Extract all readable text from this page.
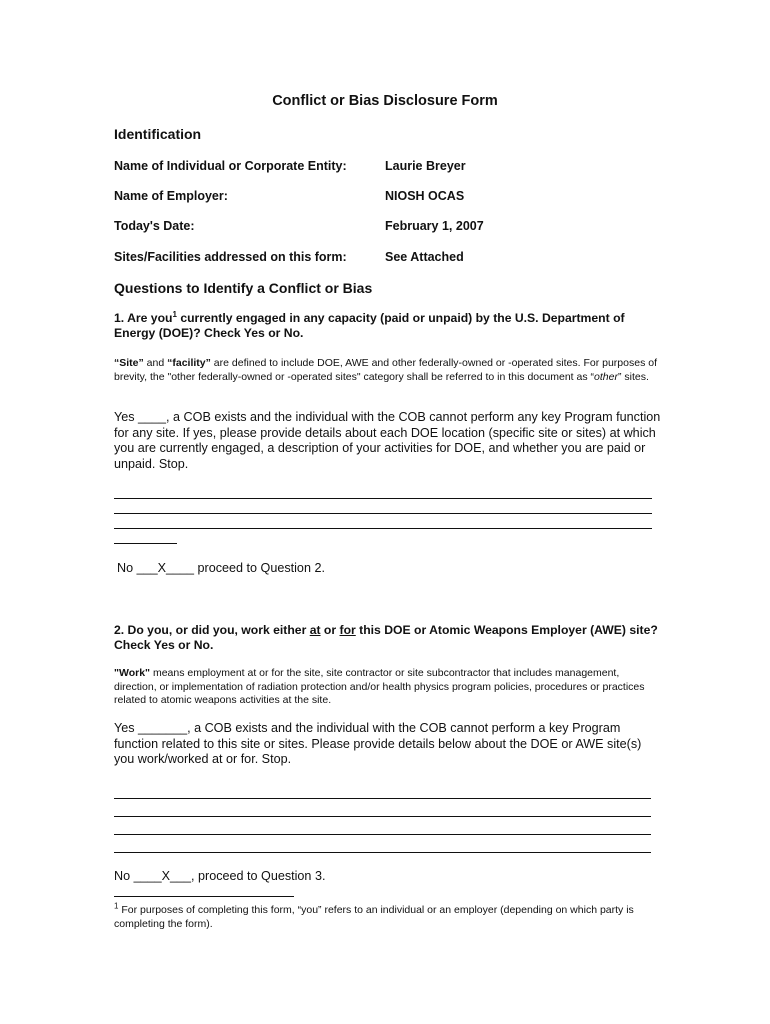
Conflict or Bias Disclosure Form
Identification
Name of Individual or Corporate Entity:	Laurie Breyer
Name of Employer:	NIOSH OCAS
Today's Date:	February 1, 2007
Sites/Facilities addressed on this form:	See Attached
Questions to Identify a Conflict or Bias
1. Are you$^1$ currently engaged in any capacity (paid or unpaid) by the U.S. Department of Energy (DOE)? Check Yes or No.
“Site” and “facility” are defined to include DOE, AWE and other federally-owned or -operated sites. For purposes of brevity, the "other federally-owned or -operated sites" category shall be referred to in this document as “other” sites.
Yes ____, a COB exists and the individual with the COB cannot perform any key Program function for any site. If yes, please provide details about each DOE location (specific site or sites) at which you are currently engaged, a description of your activities for DOE, and whether you are paid or unpaid. Stop.
No ___X____ proceed to Question 2.
2. Do you, or did you, work either at or for this DOE or Atomic Weapons Employer (AWE) site? Check Yes or No.
"Work" means employment at or for the site, site contractor or site subcontractor that includes management, direction, or implementation of radiation protection and/or health physics program policies, procedures or practices related to atomic weapons activities at the site.
Yes _______, a COB exists and the individual with the COB cannot perform a key Program function related to this site or sites. Please provide details below about the DOE or AWE site(s) you work/worked at or for. Stop.
No ____X___, proceed to Question 3.
$^1$ For purposes of completing this form, “you” refers to an individual or an employer (depending on which party is completing the form).
